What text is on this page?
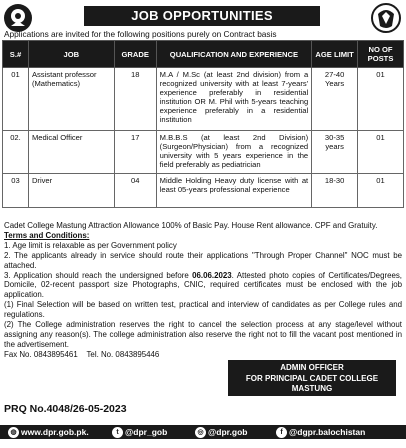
JOB OPPORTUNITIES
Applications are invited for the following positions purely on Contract basis
S.#	JOB	GRADE	QUALIFICATION AND EXPERIENCE	AGE LIMIT	NO OF POSTS
01	Assistant professor (Mathematics)	18	M.A / M.Sc (at least 2nd division) from a recognized university with at least 7-years' experience preferably in residential institution OR M. Phil with 5-years teaching experience preferably in a residential institution	27-40 Years	01
02.	Medical Officer	17	M.B.B.S (at least 2nd Division) (Surgeon/Physician) from a recognized university with 5 years experience in the field preferably as pediatrician	30-35 years	01
03	Driver	04	Middle Holding Heavy duty license with at least 05-years professional experience	18-30	01

Cadet College Mastung Attraction Allowance 100% of Basic Pay. House Rent allowance. CPF and Gratuity.

Terms and Conditions:

1. Age limit is relaxable as per Government policy

2. The applicants already in service should route their applications "Through Proper Channel" NOC must be attached.

3. Application should reach the undersigned before 06.06.2023. Attested photo copies of Certificates/Degrees, Domicile, 02-recent passport size Photographs, CNIC, required certificates must be enclosed with the job application.

(1) Final Selection will be based on written test, practical and interview of candidates as per College rules and regulations.

(2) The College administration reserves the right to cancel the selection process at any stage/level without assigning any reason(s). The college administration also reserve the right not to fill the vacant post mentioned in the advertisement.

Fax No. 0843895461 Tel. No. 0843895446

ADMIN OFFICER
FOR PRINCIPAL CADET COLLEGE
MASTUNG
PRQ No.4048/26-05-2023
◍ www.dpr.gob.pk.	t @dpr_gob	◎ @dpr.gob	f @dgpr.balochistan
